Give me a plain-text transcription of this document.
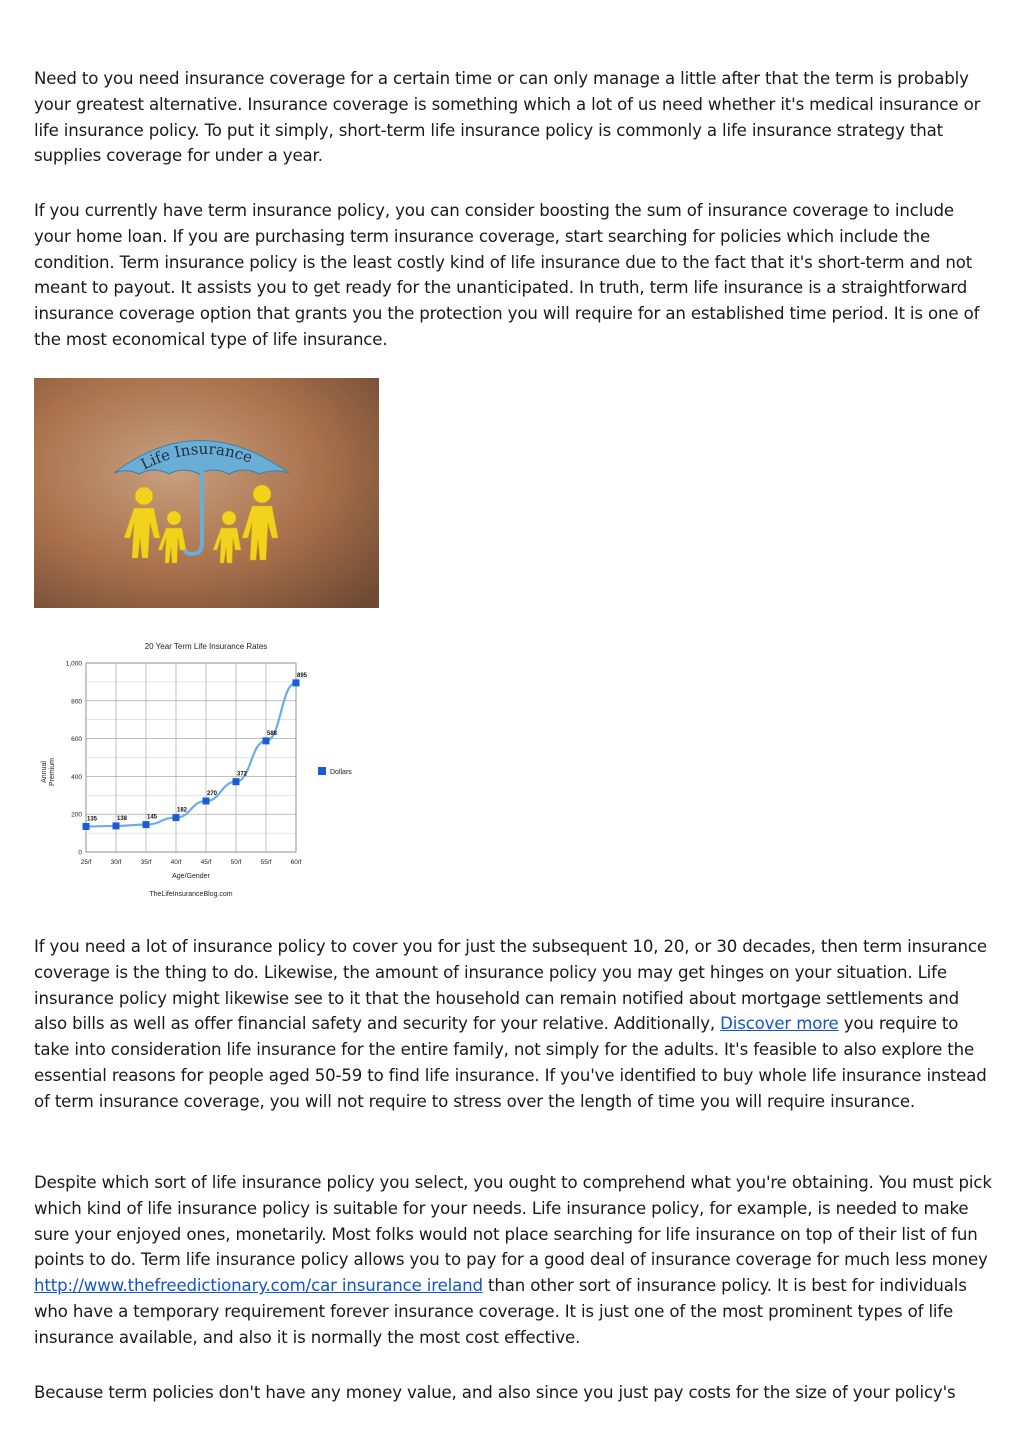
Need to you need insurance coverage for a certain time or can only manage a little after that the term is probably your greatest alternative. Insurance coverage is something which a lot of us need whether it's medical insurance or life insurance policy. To put it simply, short-term life insurance policy is commonly a life insurance strategy that supplies coverage for under a year.

If you currently have term insurance policy, you can consider boosting the sum of insurance coverage to include your home loan. If you are purchasing term insurance coverage, start searching for policies which include the condition. Term insurance policy is the least costly kind of life insurance due to the fact that it's short-term and not meant to payout. It assists you to get ready for the unanticipated. In truth, term life insurance is a straightforward insurance coverage option that grants you the protection you will require for an established time period. It is one of the most economical type of life insurance.

Life Insurance
20 Year Term Life Insurance Rates
0
200
400
600
800
1,000
25/f	30/f	35/f	40/f	45/f	50/f	55/f	60/f
135	138	145
182
270
372
588
895
Annual Premium
Age/Gender
TheLifeInsuranceBlog.com
Dollars

If you need a lot of insurance policy to cover you for just the subsequent 10, 20, or 30 decades, then term insurance coverage is the thing to do. Likewise, the amount of insurance policy you may get hinges on your situation. Life insurance policy might likewise see to it that the household can remain notified about mortgage settlements and also bills as well as offer financial safety and security for your relative. Additionally, Discover more you require to take into consideration life insurance for the entire family, not simply for the adults. It's feasible to also explore the essential reasons for people aged 50-59 to find life insurance. If you've identified to buy whole life insurance instead of term insurance coverage, you will not require to stress over the length of time you will require insurance.

Despite which sort of life insurance policy you select, you ought to comprehend what you're obtaining. You must pick which kind of life insurance policy is suitable for your needs. Life insurance policy, for example, is needed to make sure your enjoyed ones, monetarily. Most folks would not place searching for life insurance on top of their list of fun points to do. Term life insurance policy allows you to pay for a good deal of insurance coverage for much less money http://www.thefreedictionary.com/car insurance ireland than other sort of insurance policy. It is best for individuals who have a temporary requirement forever insurance coverage. It is just one of the most prominent types of life insurance available, and also it is normally the most cost effective.

Because term policies don't have any money value, and also since you just pay costs for the size of your policy's
